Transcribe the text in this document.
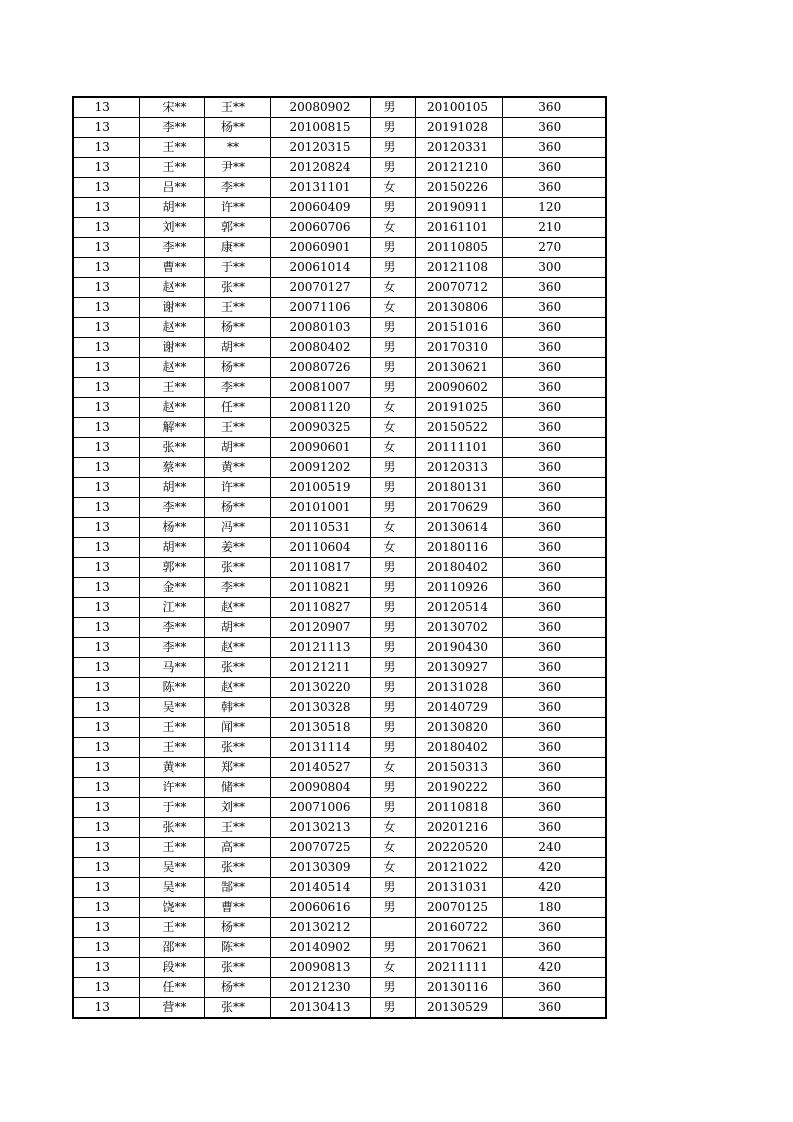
13	宋**	王**	20080902	男	20100105	360
13	李**	杨**	20100815	男	20191028	360
13	王**	**	20120315	男	20120331	360
13	王**	尹**	20120824	男	20121210	360
13	吕**	李**	20131101	女	20150226	360
13	胡**	许**	20060409	男	20190911	120
13	刘**	郭**	20060706	女	20161101	210
13	李**	康**	20060901	男	20110805	270
13	曹**	于**	20061014	男	20121108	300
13	赵**	张**	20070127	女	20070712	360
13	谢**	王**	20071106	女	20130806	360
13	赵**	杨**	20080103	男	20151016	360
13	谢**	胡**	20080402	男	20170310	360
13	赵**	杨**	20080726	男	20130621	360
13	王**	李**	20081007	男	20090602	360
13	赵**	任**	20081120	女	20191025	360
13	解**	王**	20090325	女	20150522	360
13	张**	胡**	20090601	女	20111101	360
13	蔡**	黄**	20091202	男	20120313	360
13	胡**	许**	20100519	男	20180131	360
13	李**	杨**	20101001	男	20170629	360
13	杨**	冯**	20110531	女	20130614	360
13	胡**	姜**	20110604	女	20180116	360
13	郭**	张**	20110817	男	20180402	360
13	金**	李**	20110821	男	20110926	360
13	江**	赵**	20110827	男	20120514	360
13	李**	胡**	20120907	男	20130702	360
13	李**	赵**	20121113	男	20190430	360
13	马**	张**	20121211	男	20130927	360
13	陈**	赵**	20130220	男	20131028	360
13	吴**	韩**	20130328	男	20140729	360
13	王**	闻**	20130518	男	20130820	360
13	王**	张**	20131114	男	20180402	360
13	黄**	郑**	20140527	女	20150313	360
13	许**	储**	20090804	男	20190222	360
13	于**	刘**	20071006	男	20110818	360
13	张**	王**	20130213	女	20201216	360
13	王**	高**	20070725	女	20220520	240
13	吴**	张**	20130309	女	20121022	420
13	吴**	郜**	20140514	男	20131031	420
13	饶**	曹**	20060616	男	20070125	180
13	王**	杨**	20130212		20160722	360
13	邵**	陈**	20140902	男	20170621	360
13	段**	张**	20090813	女	20211111	420
13	任**	杨**	20121230	男	20130116	360
13	营**	张**	20130413	男	20130529	360
